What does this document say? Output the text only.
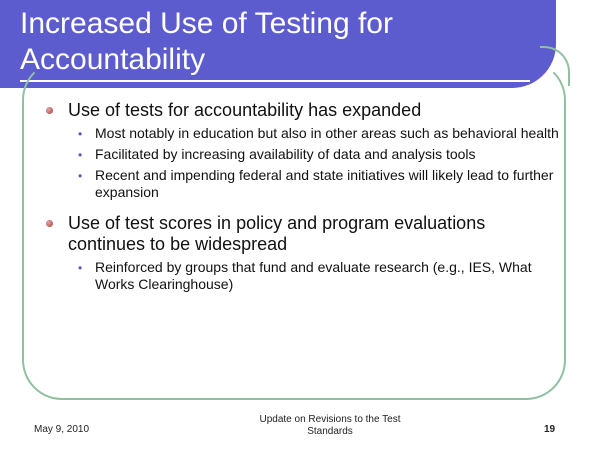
Increased Use of Testing for Accountability
Use of tests for accountability has expanded
• Most notably in education but also in other areas such as behavioral health
• Facilitated by increasing availability of data and analysis tools
• Recent and impending federal and state initiatives will likely lead to further expansion
Use of test scores in policy and program evaluations continues to be widespread
• Reinforced by groups that fund and evaluate research (e.g., IES, What Works Clearinghouse)
May 9, 2010
Update on Revisions to the Test Standards	19
